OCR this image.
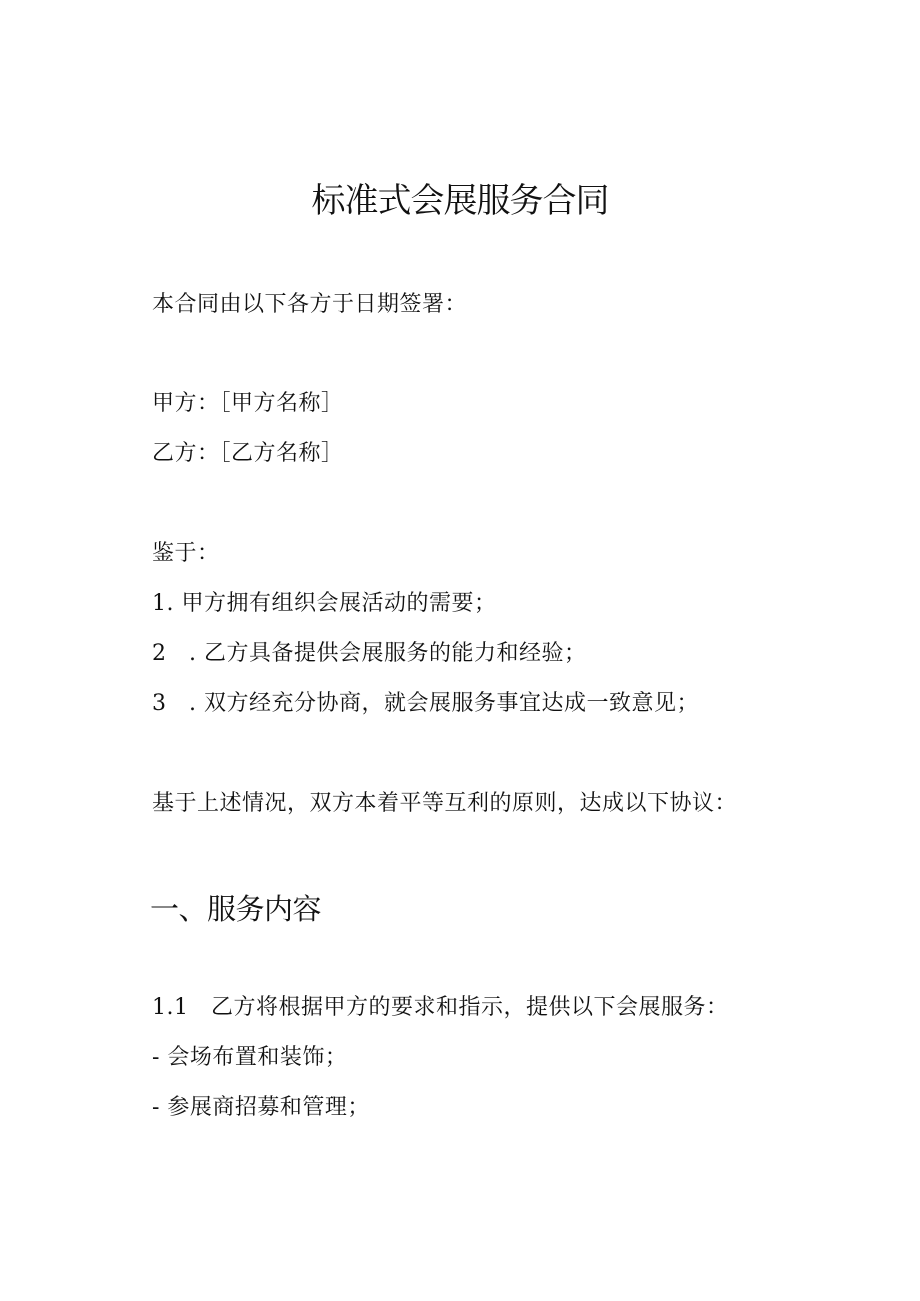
标准式会展服务合同
本合同由以下各方于日期签署：
甲方：［甲方名称］
乙方：［乙方名称］
鉴于：
1. 甲方拥有组织会展活动的需要；
2　. 乙方具备提供会展服务的能力和经验；
3　. 双方经充分协商，就会展服务事宜达成一致意见；
基于上述情况，双方本着平等互利的原则，达成以下协议：
一、服务内容
1.1　乙方将根据甲方的要求和指示，提供以下会展服务：
- 会场布置和装饰；
- 参展商招募和管理；
